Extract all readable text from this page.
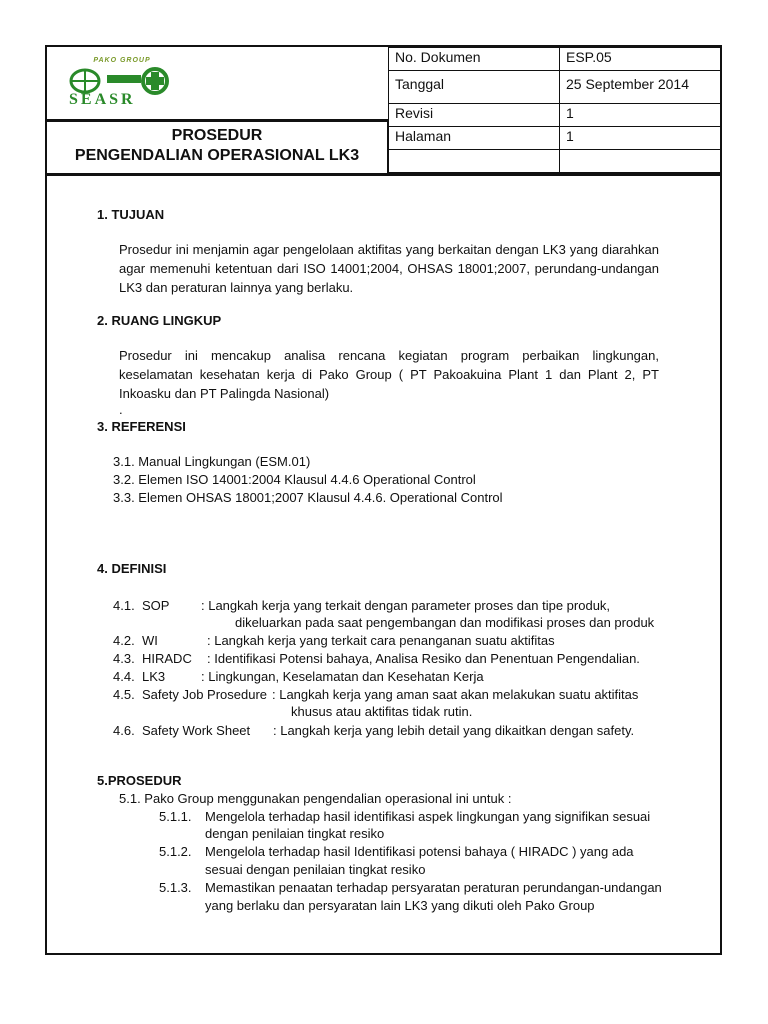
PAKO GROUP
SEASR
PROSEDUR
PENGENDALIAN OPERASIONAL LK3
No. Dokumen	ESP.05
Tanggal	25 September 2014
Revisi	1
Halaman	1

1. TUJUAN
Prosedur ini menjamin agar pengelolaan aktifitas yang berkaitan dengan LK3 yang diarahkan agar memenuhi ketentuan dari ISO 14001;2004, OHSAS 18001;2007, perundang-undangan LK3 dan peraturan lainnya yang berlaku.
2. RUANG LINGKUP
Prosedur ini mencakup analisa rencana kegiatan program perbaikan lingkungan, keselamatan kesehatan kerja di Pako Group ( PT Pakoakuina Plant 1 dan Plant 2, PT Inkoasku dan PT Palingda Nasional)
.
3. REFERENSI
3.1. Manual Lingkungan (ESM.01)
3.2. Elemen ISO 14001:2004 Klausul 4.4.6 Operational Control
3.3. Elemen OHSAS 18001;2007 Klausul 4.4.6. Operational Control
4. DEFINISI
4.1. SOP : Langkah kerja yang terkait dengan parameter proses dan tipe produk,
dikeluarkan pada saat pengembangan dan modifikasi proses dan produk
4.2. WI	: Langkah kerja yang terkait cara penanganan suatu aktifitas
4.3. HIRADC : Identifikasi Potensi bahaya, Analisa Resiko dan Penentuan Pengendalian.
4.4. LK3	: Lingkungan, Keselamatan dan Kesehatan Kerja
4.5. Safety Job Prosedure : Langkah kerja yang aman saat akan melakukan suatu aktifitas
khusus atau aktifitas tidak rutin.
4.6. Safety Work Sheet : Langkah kerja yang lebih detail yang dikaitkan dengan safety.
5.PROSEDUR
5.1. Pako Group menggunakan pengendalian operasional ini untuk :
5.1.1. Mengelola terhadap hasil identifikasi aspek lingkungan yang signifikan sesuai
dengan penilaian tingkat resiko
5.1.2. Mengelola terhadap hasil Identifikasi potensi bahaya ( HIRADC ) yang ada
sesuai dengan penilaian tingkat resiko
5.1.3. Memastikan penaatan terhadap persyaratan peraturan perundangan-undangan
yang berlaku dan persyaratan lain LK3 yang dikuti oleh Pako Group
